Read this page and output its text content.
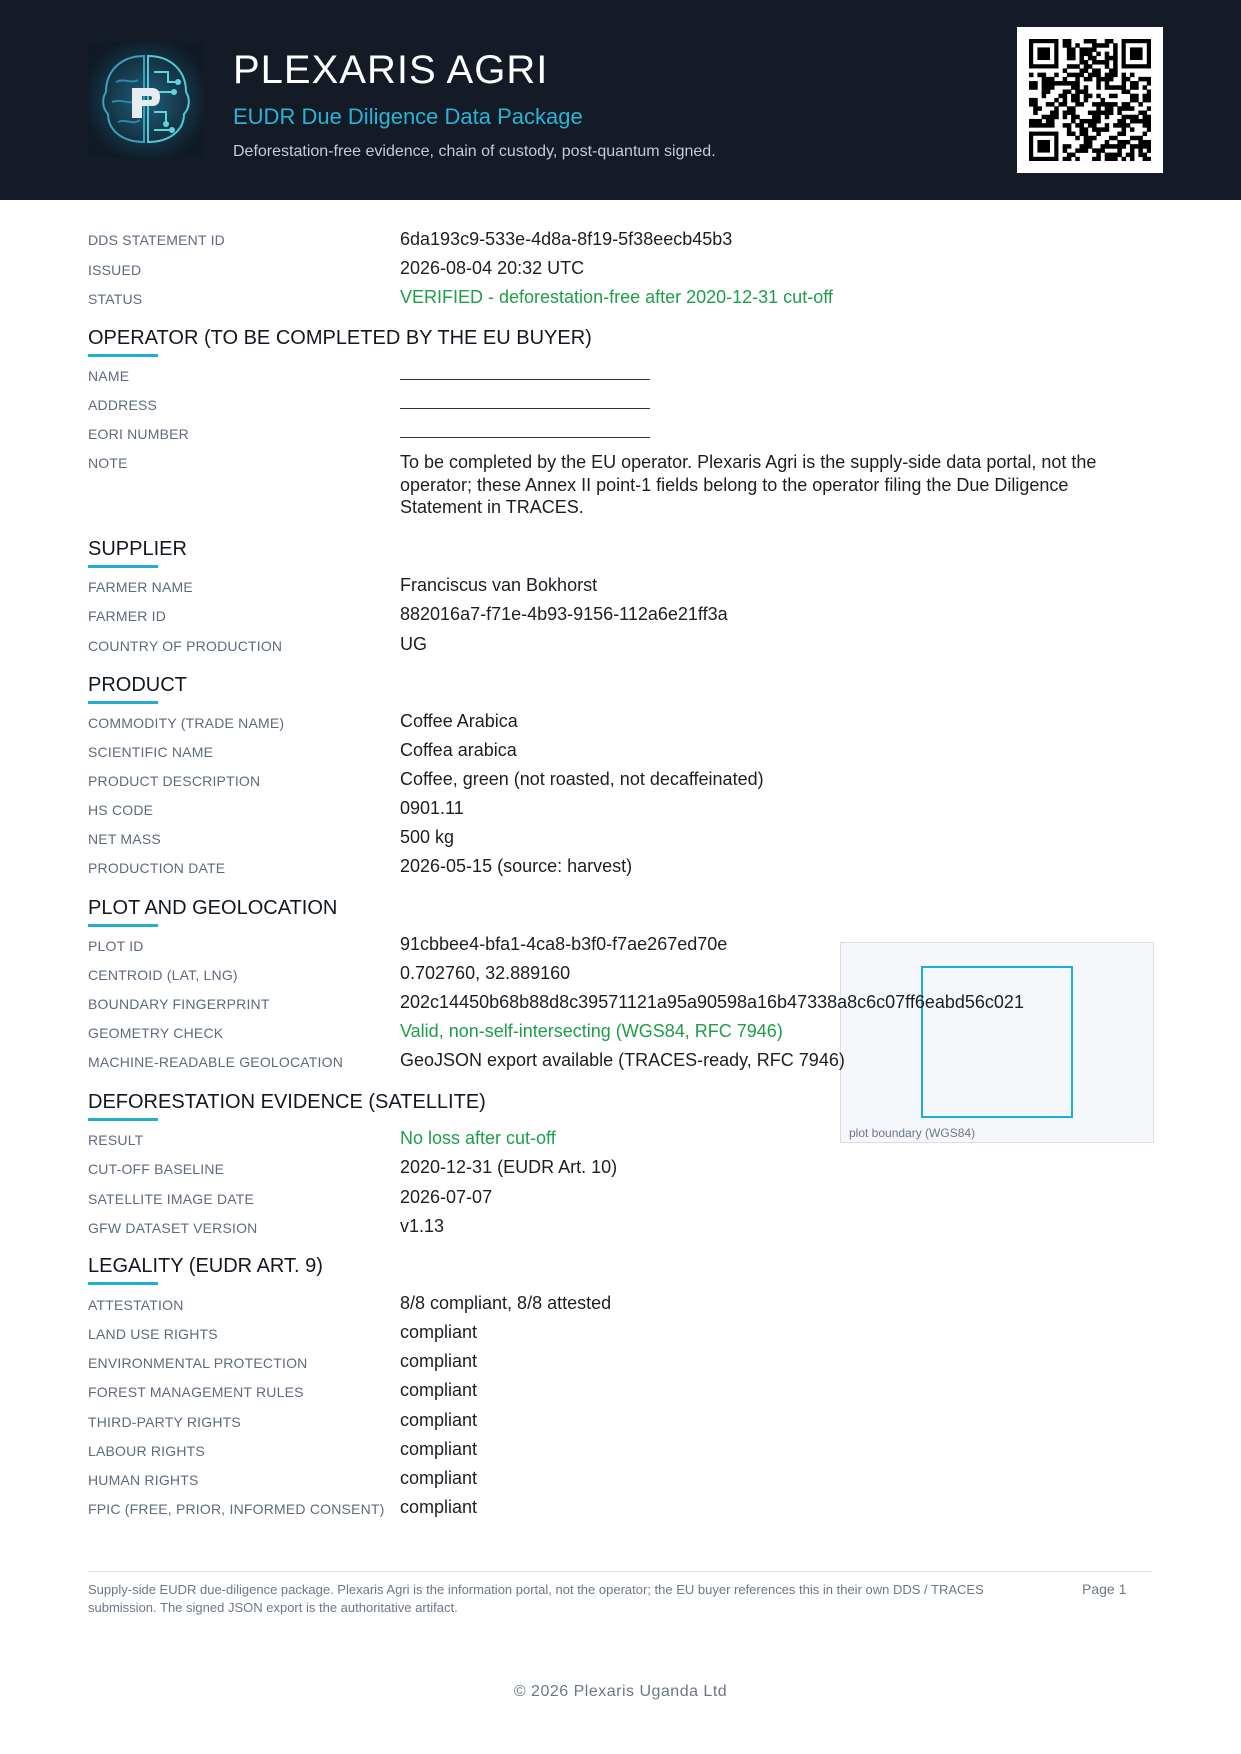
PLEXARIS AGRI
EUDR Due Diligence Data Package
Deforestation-free evidence, chain of custody, post-quantum signed.
DDS STATEMENT ID	6da193c9-533e-4d8a-8f19-5f38eecb45b3
ISSUED	2026-08-04 20:32 UTC
STATUS	VERIFIED - deforestation-free after 2020-12-31 cut-off
OPERATOR (TO BE COMPLETED BY THE EU BUYER)
NAME
ADDRESS
EORI NUMBER
NOTE	To be completed by the EU operator. Plexaris Agri is the supply-side data portal, not the operator; these Annex II point-1 fields belong to the operator filing the Due Diligence Statement in TRACES.
SUPPLIER
FARMER NAME	Franciscus van Bokhorst
FARMER ID	882016a7-f71e-4b93-9156-112a6e21ff3a
COUNTRY OF PRODUCTION	UG
PRODUCT
COMMODITY (TRADE NAME)	Coffee Arabica
SCIENTIFIC NAME	Coffea arabica
PRODUCT DESCRIPTION	Coffee, green (not roasted, not decaffeinated)
HS CODE	0901.11
NET MASS	500 kg
PRODUCTION DATE	2026-05-15 (source: harvest)
PLOT AND GEOLOCATION
plot boundary (WGS84)
PLOT ID	91cbbee4-bfa1-4ca8-b3f0-f7ae267ed70e
CENTROID (LAT, LNG)	0.702760, 32.889160
BOUNDARY FINGERPRINT	202c14450b68b88d8c39571121a95a90598a16b47338a8c6c07ff6eabd56c021
GEOMETRY CHECK	Valid, non-self-intersecting (WGS84, RFC 7946)
MACHINE-READABLE GEOLOCATION	GeoJSON export available (TRACES-ready, RFC 7946)
DEFORESTATION EVIDENCE (SATELLITE)
RESULT	No loss after cut-off
CUT-OFF BASELINE	2020-12-31 (EUDR Art. 10)
SATELLITE IMAGE DATE	2026-07-07
GFW DATASET VERSION	v1.13
LEGALITY (EUDR ART. 9)
ATTESTATION	8/8 compliant, 8/8 attested
LAND USE RIGHTS	compliant
ENVIRONMENTAL PROTECTION	compliant
FOREST MANAGEMENT RULES	compliant
THIRD-PARTY RIGHTS	compliant
LABOUR RIGHTS	compliant
HUMAN RIGHTS	compliant
FPIC (FREE, PRIOR, INFORMED CONSENT) compliant
Supply-side EUDR due-diligence package. Plexaris Agri is the information portal, not the operator; the EU buyer references this in their own DDS / TRACES submission. The signed JSON export is the authoritative artifact.
Page 1
© 2026 Plexaris Uganda Ltd
